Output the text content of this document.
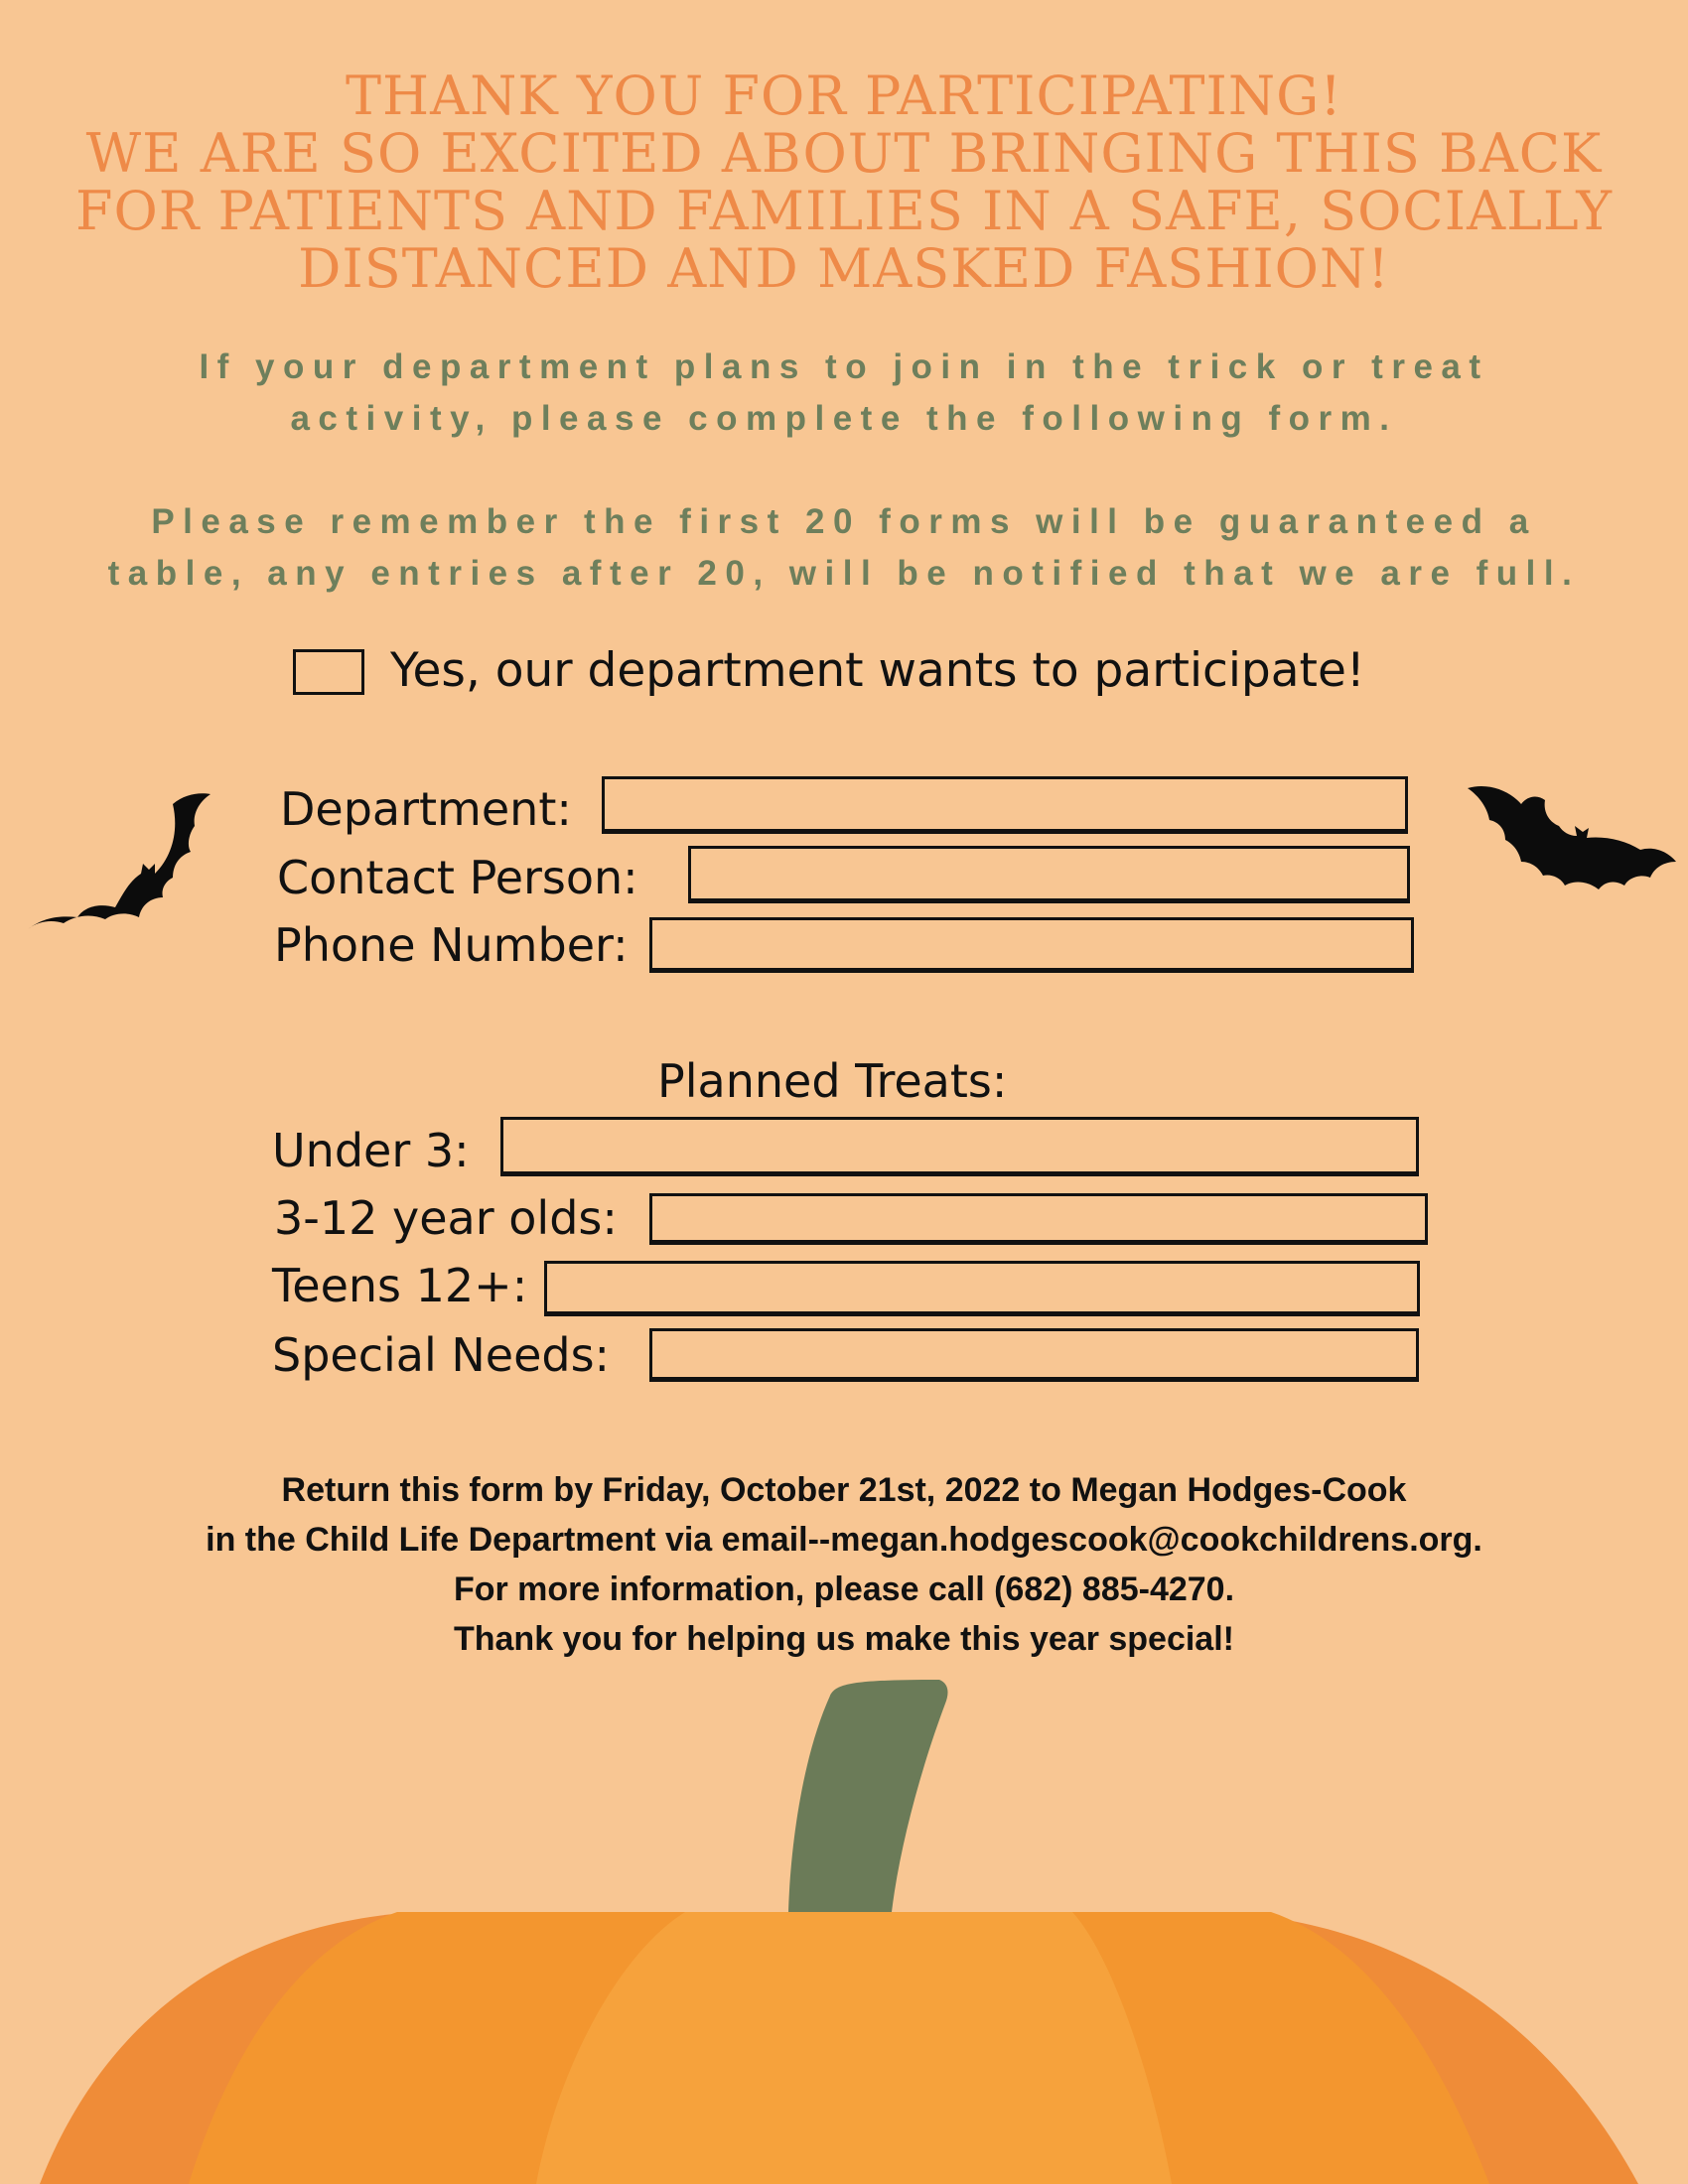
THANK YOU FOR PARTICIPATING!
WE ARE SO EXCITED ABOUT BRINGING THIS BACK
FOR PATIENTS AND FAMILIES IN A SAFE, SOCIALLY
DISTANCED AND MASKED FASHION!
If your department plans to join in the trick or treat
activity, please complete the following form.
Please remember the first 20 forms will be guaranteed a
table, any entries after 20, will be notified that we are full.
Yes, our department wants to participate!
Department:
Contact Person:
Phone Number:
Planned Treats:
Under 3:
3-12 year olds:
Teens 12+:
Special Needs:
Return this form by Friday, October 21st, 2022 to Megan Hodges-Cook
in the Child Life Department via email--megan.hodgescook@cookchildrens.org.
For more information, please call (682) 885-4270.
Thank you for helping us make this year special!
